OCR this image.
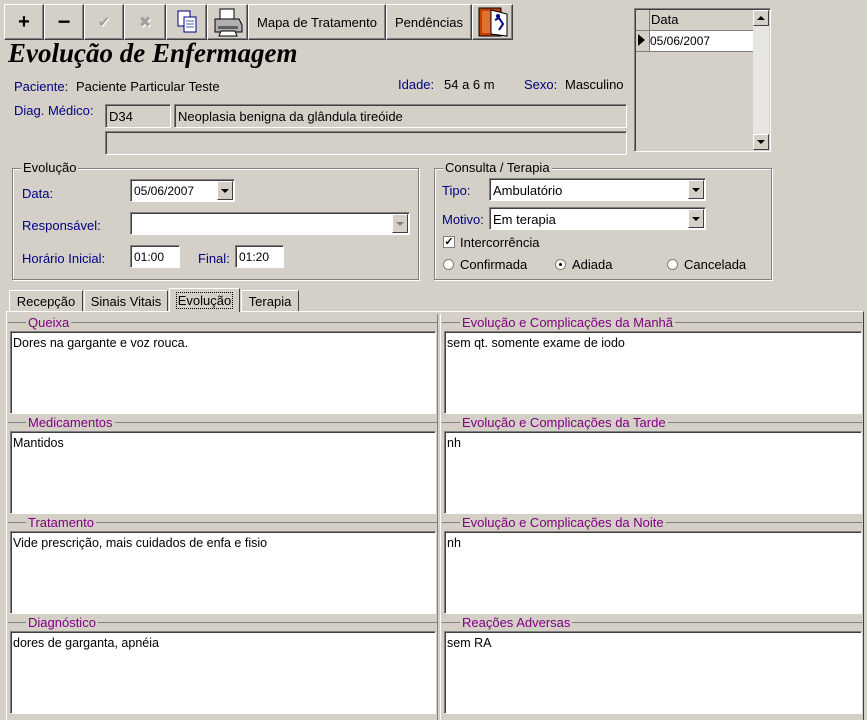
+ − ✔ ✖	Mapa de Tratamento Pendências
Evolução de Enfermagem
Paciente: Paciente Particular Teste	Idade: 54 a 6 m Sexo: Masculino
Diag. Médico: D34	Neoplasia benigna da glândula tireóide
Data
05/06/2007
Evolução
Data:	05/06/2007
Responsável:
Horário Inicial: 01:00	Final: 01:20
Consulta / Terapia
Tipo: Ambulatório
Motivo: Em terapia
✓ Intercorrência
Confirmada	Adiada	Cancelada
Recepção Sinais Vitais Evolução Terapia
Queixa
Dores na gargante e voz rouca.
Medicamentos
Mantidos
Tratamento
Vide prescrição, mais cuidados de enfa e fisio
Diagnóstico
dores de garganta, apnéia
Evolução e Complicações da Manhã
sem qt. somente exame de iodo
Evolução e Complicações da Tarde
nh
Evolução e Complicações da Noite
nh
Reações Adversas
sem RA
